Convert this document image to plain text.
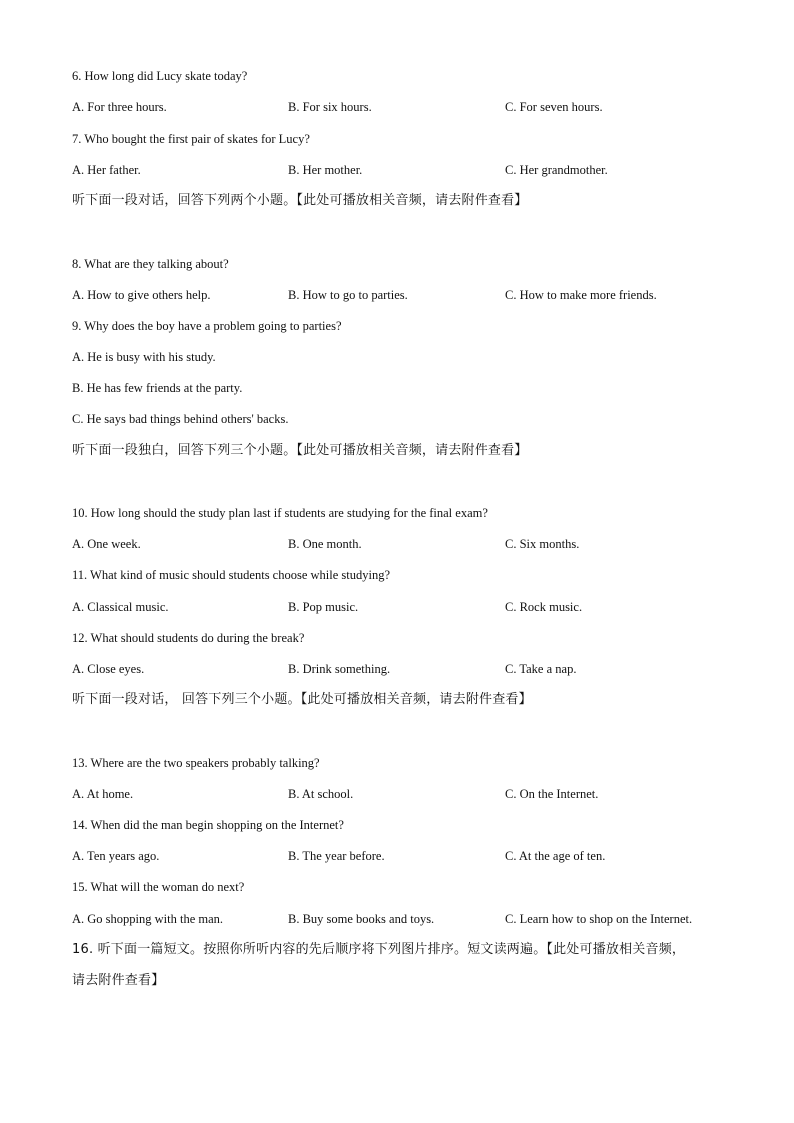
6. How long did Lucy skate today?
A. For three hours.	B. For six hours.	C. For seven hours.
7. Who bought the first pair of skates for Lucy?
A. Her father.	B. Her mother.	C. Her grandmother.
听下面一段对话，回答下列两个小题。【此处可播放相关音频，请去附件查看】
8. What are they talking about?
A. How to give others help.	B. How to go to parties.	C. How to make more friends.
9. Why does the boy have a problem going to parties?
A. He is busy with his study.
B. He has few friends at the party.
C. He says bad things behind others' backs.
听下面一段独白，回答下列三个小题。【此处可播放相关音频，请去附件查看】
10. How long should the study plan last if students are studying for the final exam?
A. One week.	B. One month.	C. Six months.
11. What kind of music should students choose while studying?
A. Classical music.	B. Pop music.	C. Rock music.
12. What should students do during the break?
A. Close eyes.	B. Drink something.	C. Take a nap.
听下面一段对话， 回答下列三个小题。【此处可播放相关音频，请去附件查看】
13. Where are the two speakers probably talking?
A. At home.	B. At school.	C. On the Internet.
14. When did the man begin shopping on the Internet?
A. Ten years ago.	B. The year before.	C. At the age of ten.
15. What will the woman do next?
A. Go shopping with the man.	B. Buy some books and toys.	C. Learn how to shop on the Internet.
16. 听下面一篇短文。按照你所听内容的先后顺序将下列图片排序。短文读两遍。【此处可播放相关音频，
请去附件查看】
